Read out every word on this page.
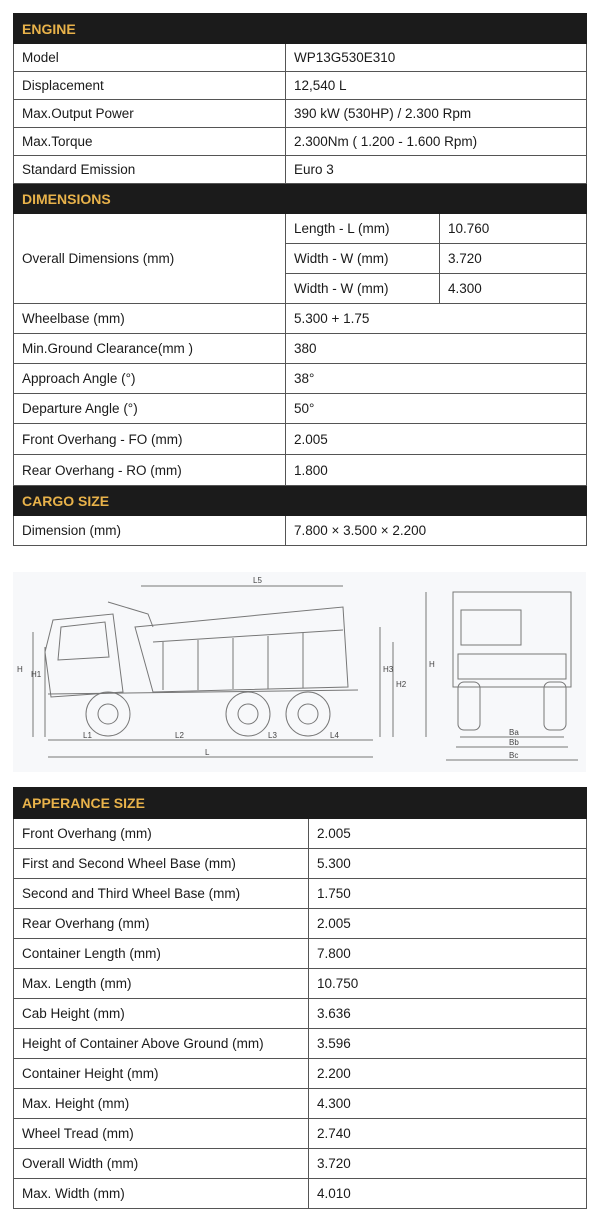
ENGINE		
Model	WP13G530E310	
Displacement	12,540 L	
Max.Output Power	390 kW (530HP) / 2.300 Rpm	
Max.Torque	2.300Nm ( 1.200 - 1.600 Rpm)	
Standard Emission	Euro 3	
DIMENSIONS		
Overall Dimensions (mm)	Length - L (mm)	10.760
	Width - W (mm)	3.720
	Width - W (mm)	4.300
Wheelbase (mm)	5.300 + 1.75	
Min.Ground Clearance(mm )	380	
Approach Angle (°)	38°	
Departure Angle (°)	50°	
Front Overhang - FO (mm)	2.005	
Rear Overhang - RO (mm)	1.800	
CARGO SIZE		
Dimension (mm)	7.800 × 3.500 × 2.200	
L5
H
H1
H3
H2
L1	L2	L3	L4
L
H
Ba
Bb
Bc
APPERANCE SIZE	
Front Overhang (mm)	2.005
First and Second Wheel Base (mm)	5.300
Second and Third Wheel Base (mm)	1.750
Rear Overhang (mm)	2.005
Container Length (mm)	7.800
Max. Length (mm)	10.750
Cab Height (mm)	3.636
Height of Container Above Ground (mm)	3.596
Container Height (mm)	2.200
Max. Height (mm)	4.300
Wheel Tread (mm)	2.740
Overall Width (mm)	3.720
Max. Width (mm)	4.010
